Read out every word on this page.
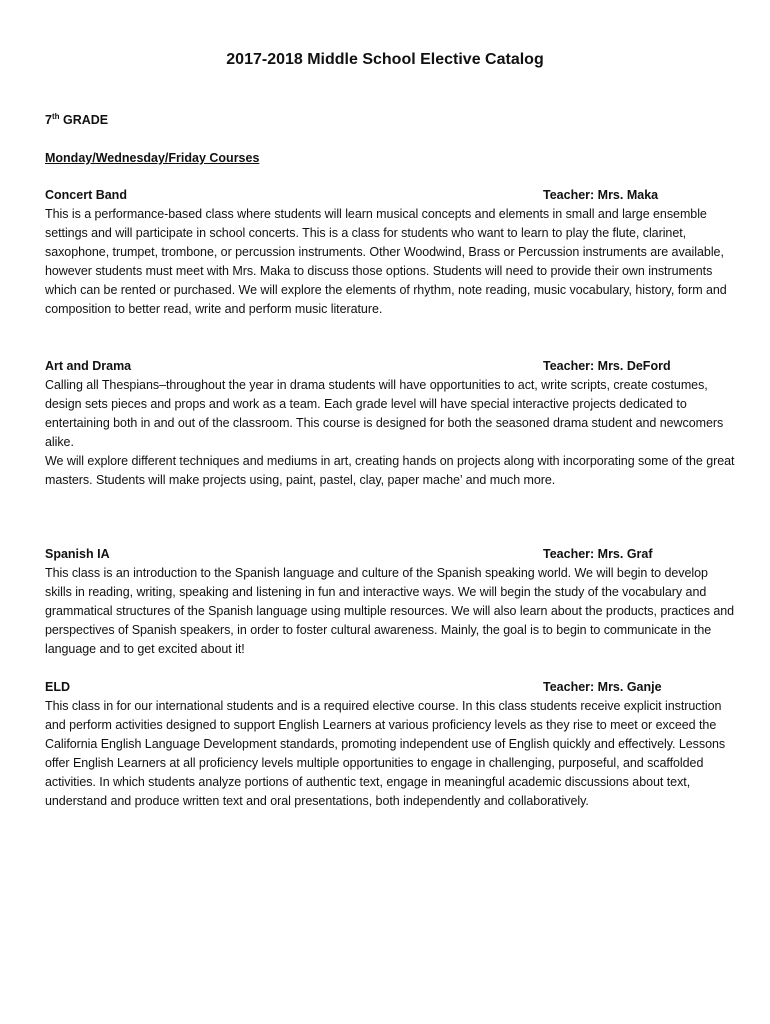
2017-2018 Middle School Elective Catalog
7th GRADE
Monday/Wednesday/Friday Courses
Concert Band	Teacher: Mrs. Maka

This is a performance-based class where students will learn musical concepts and elements in small and large ensemble settings and will participate in school concerts. This is a class for students who want to learn to play the flute, clarinet, saxophone, trumpet, trombone, or percussion instruments. Other Woodwind, Brass or Percussion instruments are available, however students must meet with Mrs. Maka to discuss those options. Students will need to provide their own instruments which can be rented or purchased. We will explore the elements of rhythm, note reading, music vocabulary, history, form and composition to better read, write and perform music literature.

Art and Drama	Teacher: Mrs. DeFord

Calling all Thespians–throughout the year in drama students will have opportunities to act, write scripts, create costumes, design sets pieces and props and work as a team. Each grade level will have special interactive projects dedicated to entertaining both in and out of the classroom. This course is designed for both the seasoned drama student and newcomers alike.

We will explore different techniques and mediums in art, creating hands on projects along with incorporating some of the great masters. Students will make projects using, paint, pastel, clay, paper mache’ and much more.

Spanish IA	Teacher: Mrs. Graf

This class is an introduction to the Spanish language and culture of the Spanish speaking world. We will begin to develop skills in reading, writing, speaking and listening in fun and interactive ways. We will begin the study of the vocabulary and grammatical structures of the Spanish language using multiple resources. We will also learn about the products, practices and perspectives of Spanish speakers, in order to foster cultural awareness. Mainly, the goal is to begin to communicate in the language and to get excited about it!

ELD	Teacher: Mrs. Ganje

This class in for our international students and is a required elective course. In this class students receive explicit instruction and perform activities designed to support English Learners at various proficiency levels as they rise to meet or exceed the California English Language Development standards, promoting independent use of English quickly and effectively. Lessons offer English Learners at all proficiency levels multiple opportunities to engage in challenging, purposeful, and scaffolded activities. In which students analyze portions of authentic text, engage in meaningful academic discussions about text, understand and produce written text and oral presentations, both independently and collaboratively.
